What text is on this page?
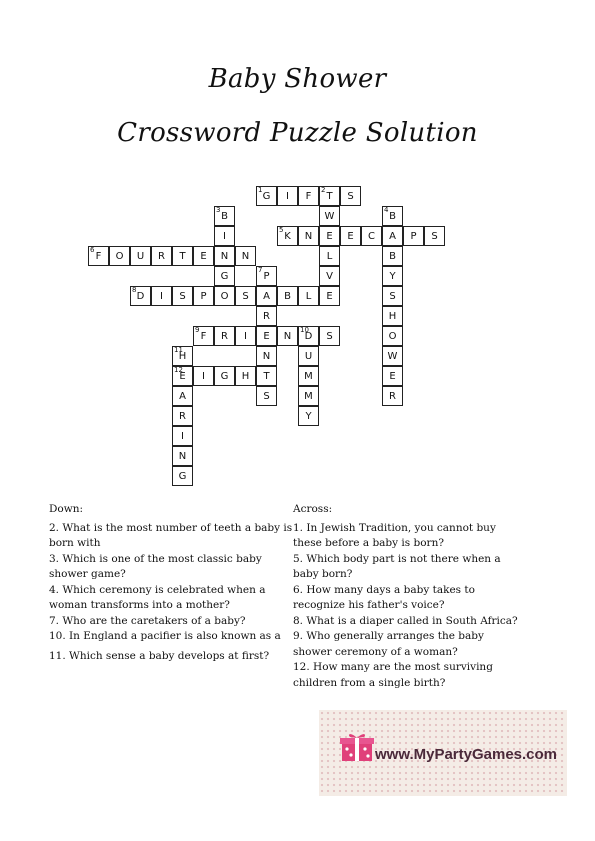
Baby Shower
Crossword Puzzle Solution
1
G	I	F
2
T	S
W
E
L
V
E
3
B
I
N
G
O
4
B
A
B
Y
S
H
O
W
E
R
5
K	N	E	C	P	S
6
F	O	U	R	T	E	N
7
P
A
R
E
N
T
S
8
D	I	S	P	S	B	L
9
F	R	I	N
10
D	S
U
M
M
Y
11
H
12
E
A
R
I
N
G
I	G	H
Down:

2. What is the most number of teeth a baby is born with

3. Which is one of the most classic baby shower game?

4. Which ceremony is celebrated when a woman transforms into a mother?

7. Who are the caretakers of a baby?

10. In England a pacifier is also known as a

11. Which sense a baby develops at first?

Across:

1. In Jewish Tradition, you cannot buy these before a baby is born?

5. Which body part is not there when a baby born?

6. How many days a baby takes to recognize his father's voice?

8. What is a diaper called in South Africa?

9. Who generally arranges the baby shower ceremony of a woman?

12. How many are the most surviving children from a single birth?

www.MyPartyGames.com
